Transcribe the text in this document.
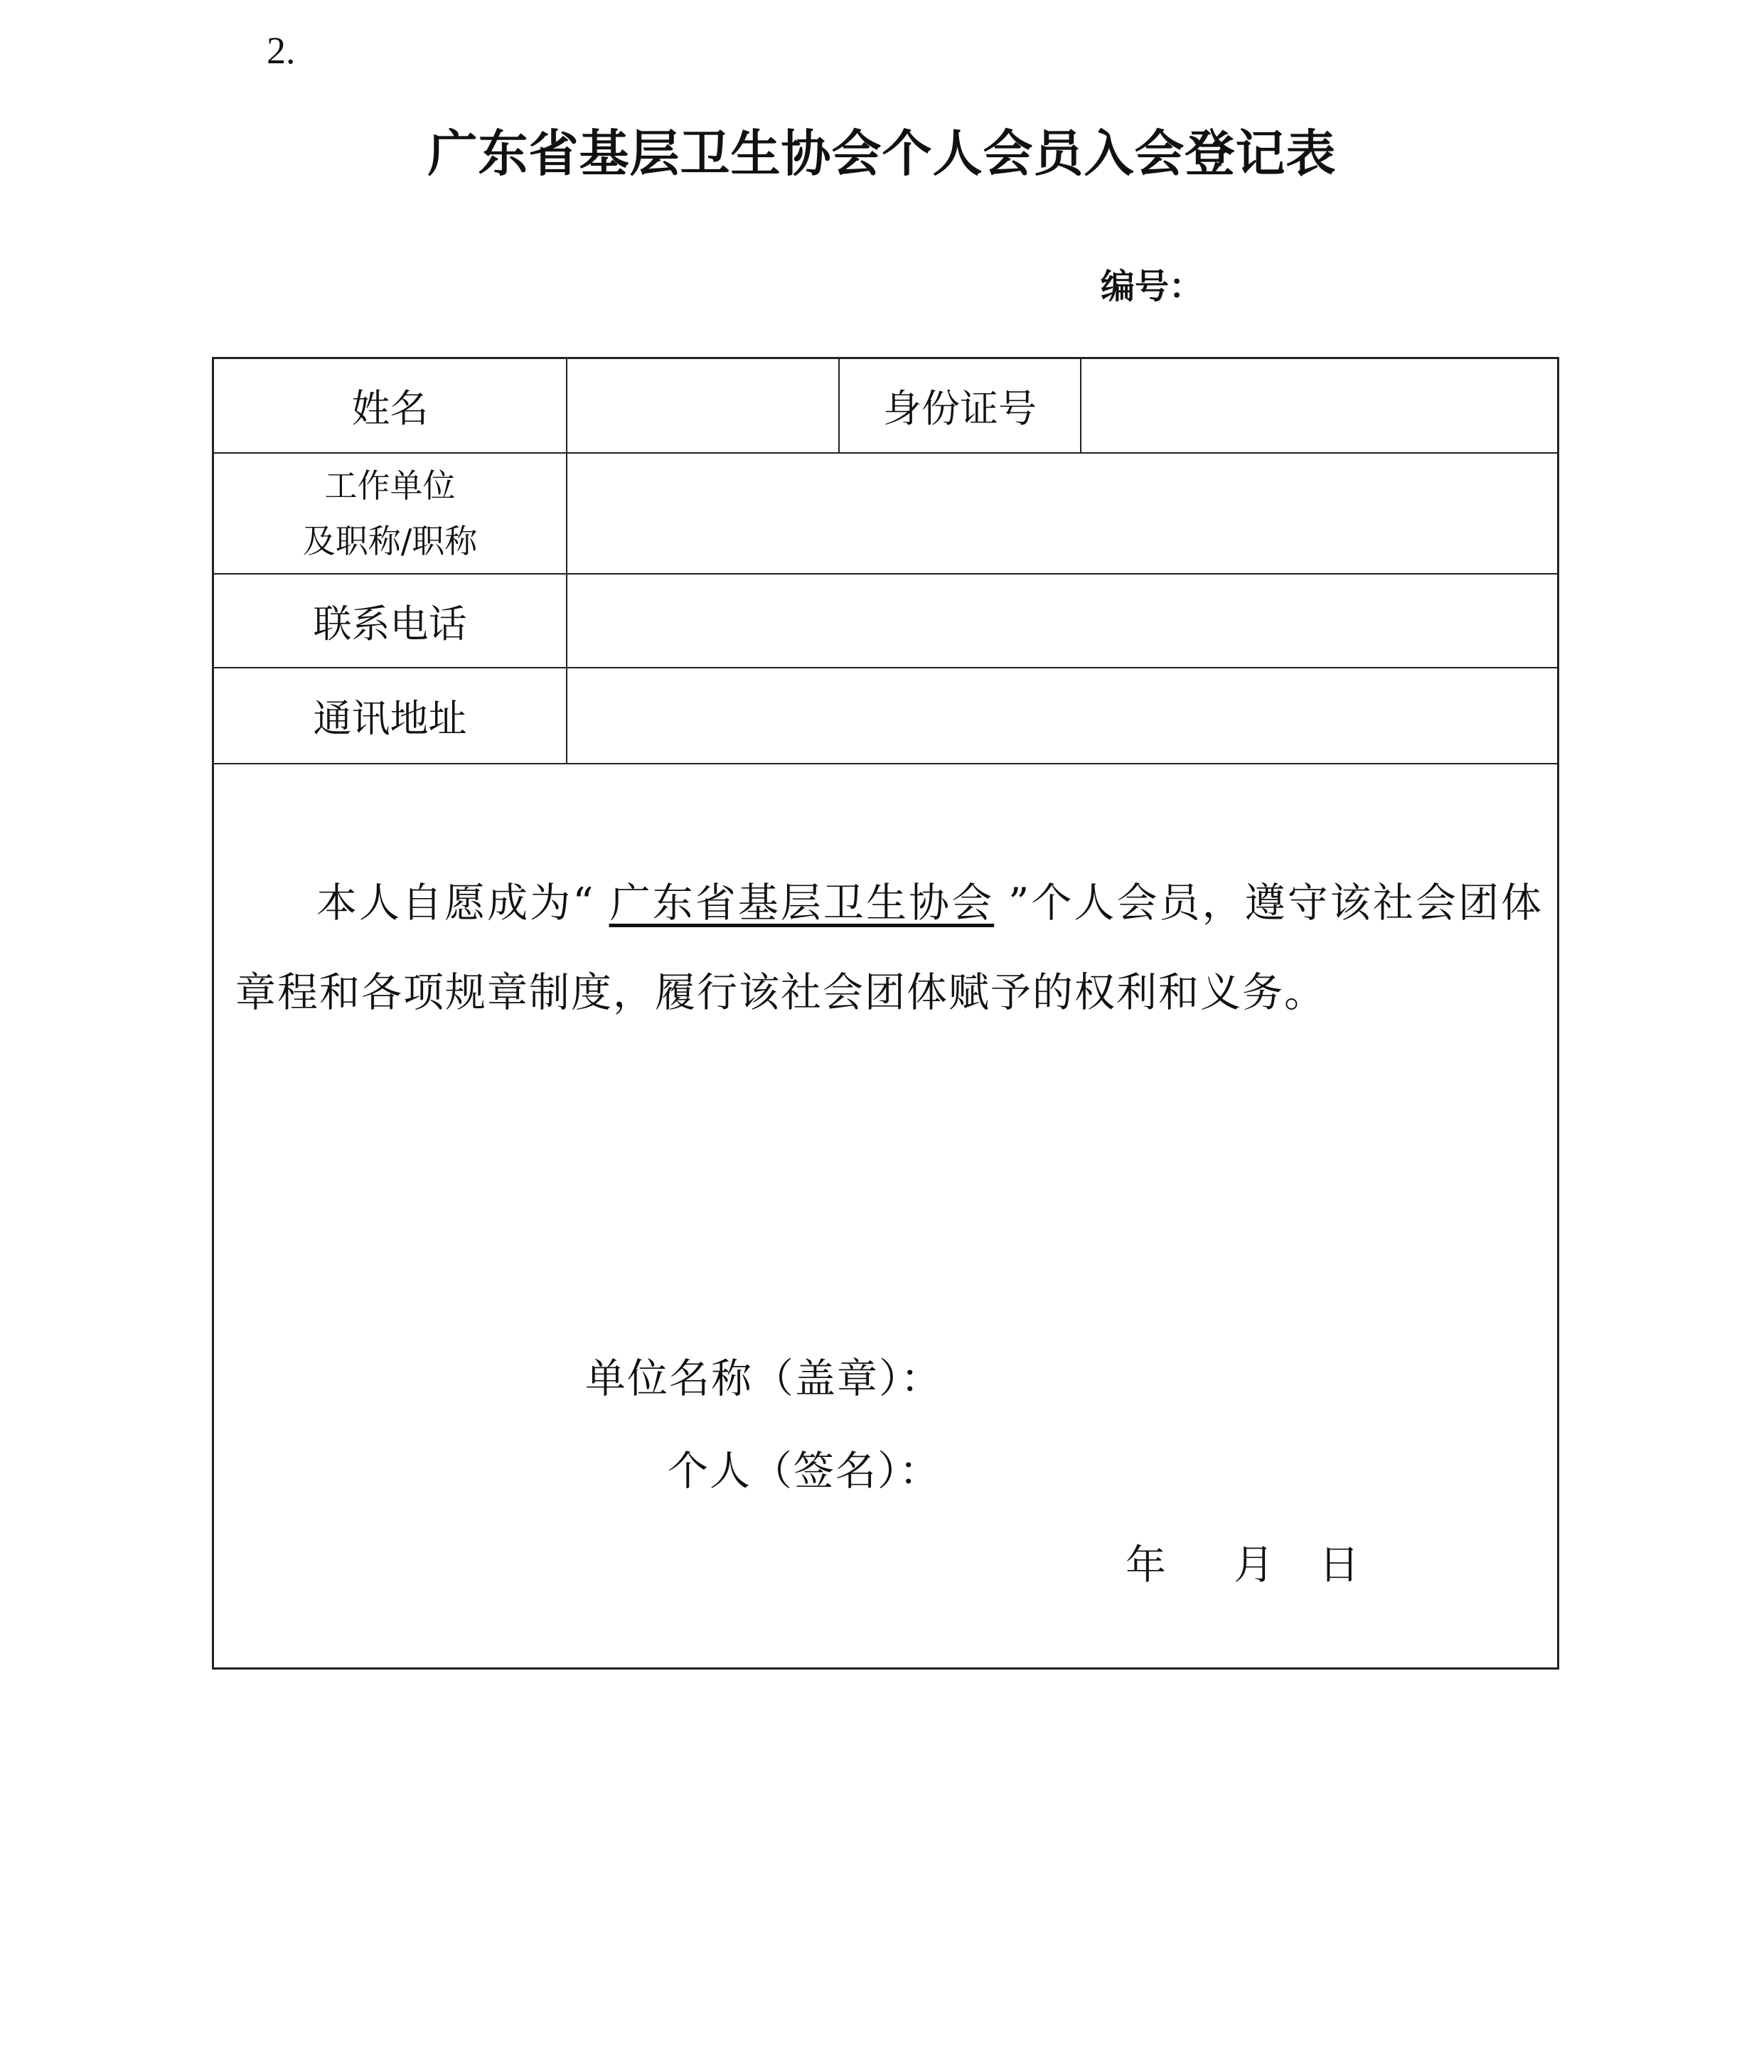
2.
广东省基层卫生协会个人会员入会登记表
编号：
姓名	身份证号
工作单位
及职称/职称
联系电话
通讯地址
本人自愿成为“ 广东省基层卫生协会 ”个人会员，遵守该社会团体章程和各项规章制度，履行该社会团体赋予的权利和义务。
单位名称（盖章）：
个人（签名）：
年 月 日
